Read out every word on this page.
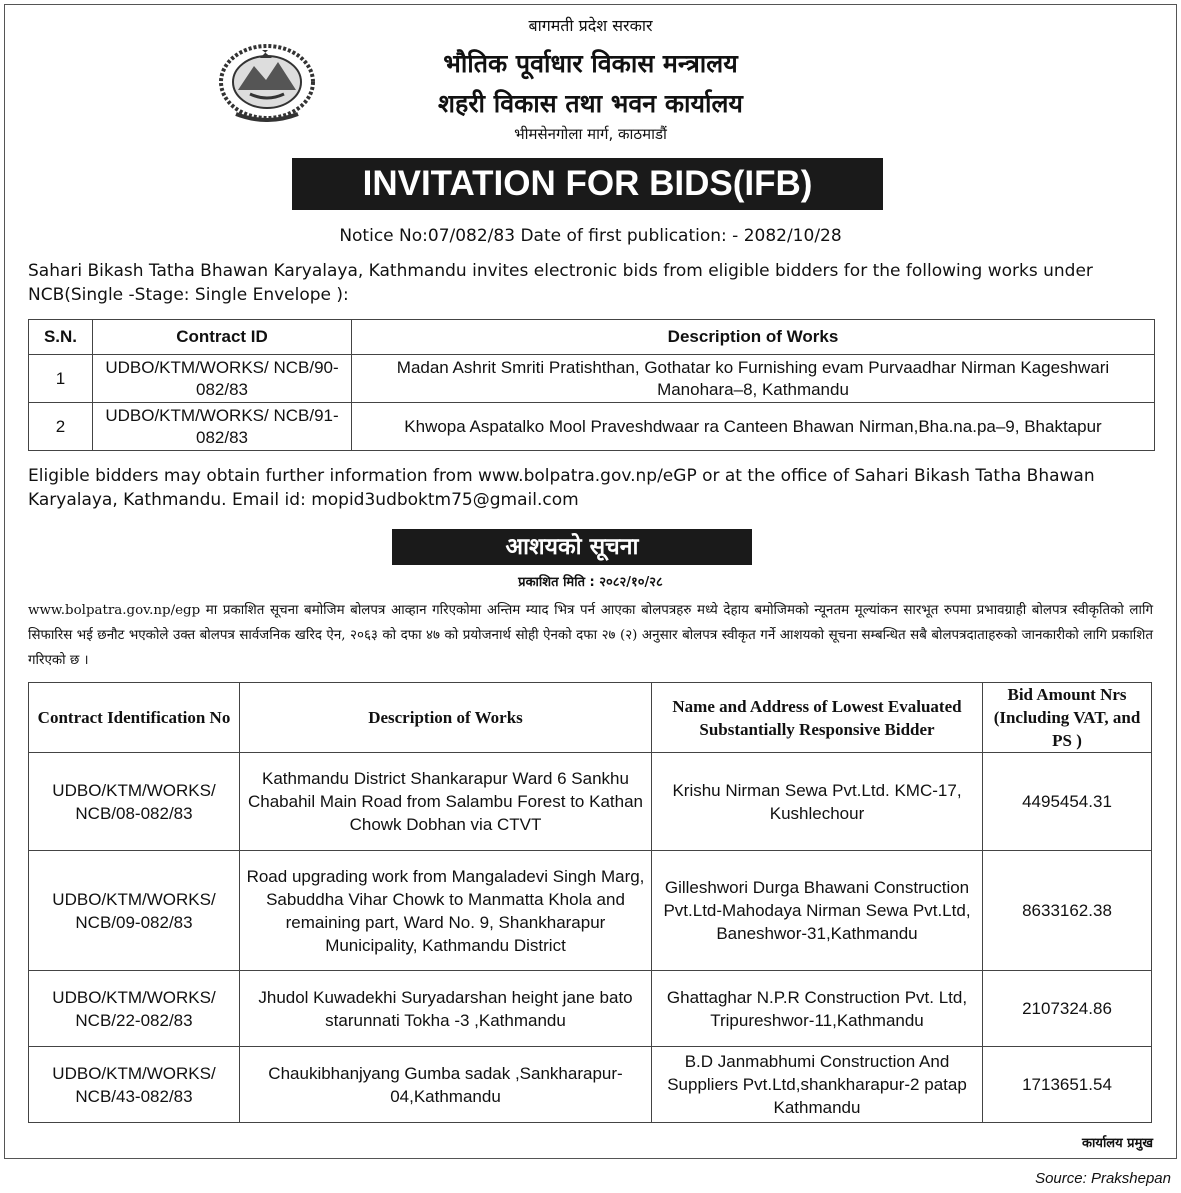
बागमती प्रदेश सरकार
भौतिक पूर्वाधार विकास मन्त्रालय
शहरी विकास तथा भवन कार्यालय
भीमसेनगोला मार्ग, काठमाडौं
INVITATION FOR BIDS(IFB)
Notice No:07/082/83 Date of first publication: - 2082/10/28
Sahari Bikash Tatha Bhawan Karyalaya, Kathmandu invites electronic bids from eligible bidders for the following works under NCB(Single -Stage: Single Envelope ):
S.N.	Contract ID	Description of Works
1	UDBO/KTM/WORKS/ NCB/90-082/83	Madan Ashrit Smriti Pratishthan, Gothatar ko Furnishing evam Purvaadhar Nirman Kageshwari Manohara–8, Kathmandu
2	UDBO/KTM/WORKS/ NCB/91-082/83	Khwopa Aspatalko Mool Praveshdwaar ra Canteen Bhawan Nirman,Bha.na.pa–9, Bhaktapur
Eligible bidders may obtain further information from www.bolpatra.gov.np/eGP or at the office of Sahari Bikash Tatha Bhawan Karyalaya, Kathmandu. Email id: mopid3udboktm75@gmail.com
आशयको सूचना
प्रकाशित मिति : २०८२/१०/२८
www.bolpatra.gov.np/egp मा प्रकाशित सूचना बमोजिम बोलपत्र आव्हान गरिएकोमा अन्तिम म्याद भित्र पर्न आएका बोलपत्रहरु मध्ये देहाय बमोजिमको न्यूनतम मूल्यांकन सारभूत रुपमा प्रभावग्राही बोलपत्र स्वीकृतिको लागि सिफारिस भई छनौट भएकोले उक्त बोलपत्र सार्वजनिक खरिद ऐन, २०६३ को दफा ४७ को प्रयोजनार्थ सोही ऐनको दफा २७ (२) अनुसार बोलपत्र स्वीकृत गर्ने आशयको सूचना सम्बन्धित सबै बोलपत्रदाताहरुको जानकारीको लागि प्रकाशित गरिएको छ ।
Contract Identification No	Description of Works	Name and Address of Lowest Evaluated Substantially Responsive Bidder	Bid Amount Nrs (Including VAT, and PS )
UDBO/KTM/WORKS/ NCB/08-082/83	Kathmandu District Shankarapur Ward 6 Sankhu Chabahil Main Road from Salambu Forest to Kathan Chowk Dobhan via CTVT	Krishu Nirman Sewa Pvt.Ltd. KMC-17, Kushlechour	4495454.31
UDBO/KTM/WORKS/ NCB/09-082/83	Road upgrading work from Mangaladevi Singh Marg, Sabuddha Vihar Chowk to Manmatta Khola and remaining part, Ward No. 9, Shankharapur Municipality, Kathmandu District	Gilleshwori Durga Bhawani Construction Pvt.Ltd-Mahodaya Nirman Sewa Pvt.Ltd, Baneshwor-31,Kathmandu	8633162.38
UDBO/KTM/WORKS/ NCB/22-082/83	Jhudol Kuwadekhi Suryadarshan height jane bato starunnati Tokha -3 ,Kathmandu	Ghattaghar N.P.R Construction Pvt. Ltd, Tripureshwor-11,Kathmandu	2107324.86
UDBO/KTM/WORKS/ NCB/43-082/83	Chaukibhanjyang Gumba sadak ,Sankharapur-04,Kathmandu	B.D Janmabhumi Construction And Suppliers Pvt.Ltd,shankharapur-2 patap Kathmandu	1713651.54
कार्यालय प्रमुख
Source: Prakshepan
